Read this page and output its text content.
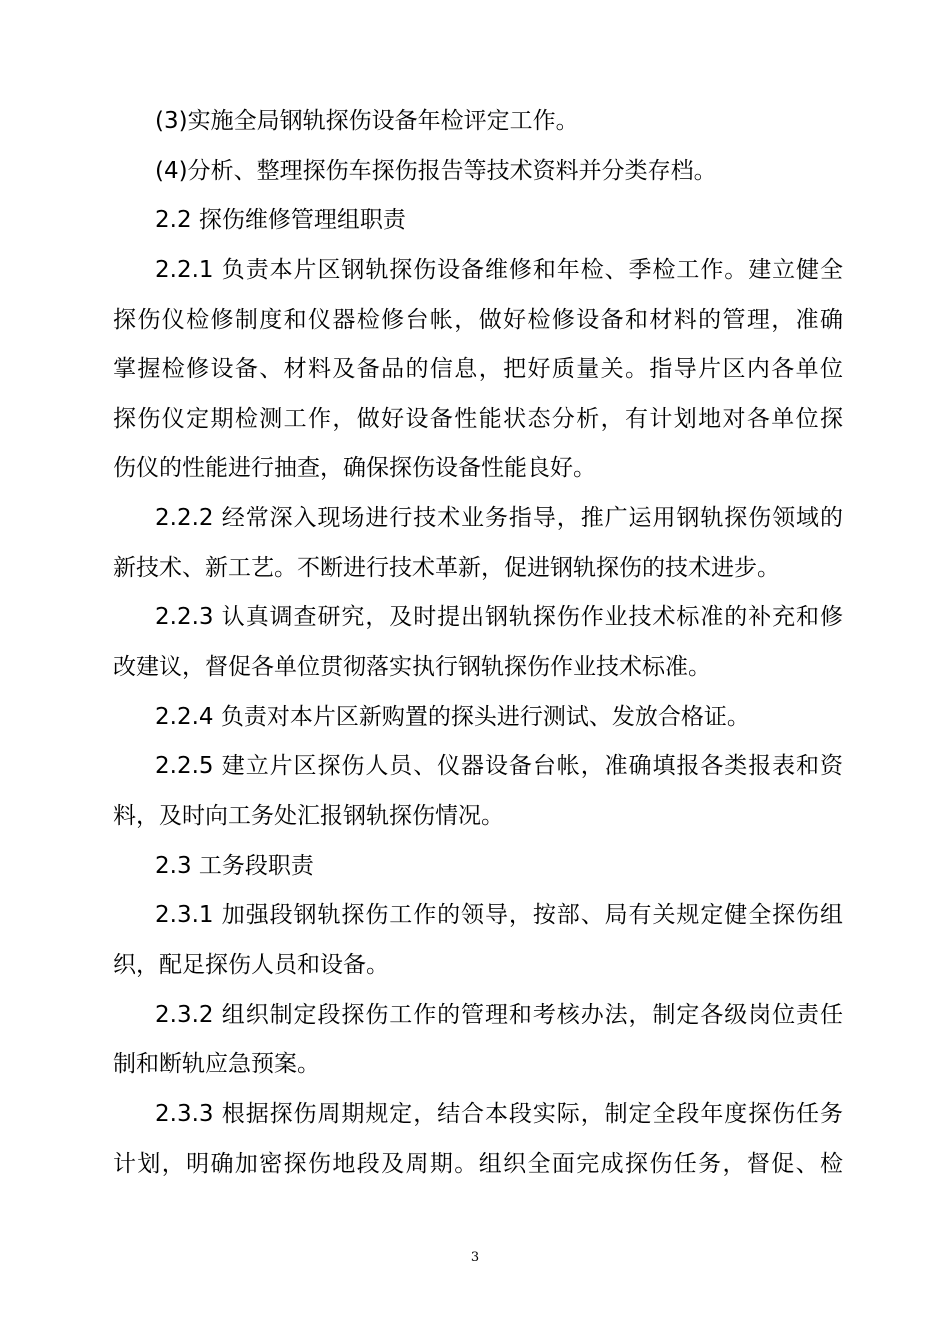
(3)实施全局钢轨探伤设备年检评定工作。
(4)分析、整理探伤车探伤报告等技术资料并分类存档。
2.2 探伤维修管理组职责
2.2.1 负责本片区钢轨探伤设备维修和年检、季检工作。建立健全
探伤仪检修制度和仪器检修台帐，做好检修设备和材料的管理，准确
掌握检修设备、材料及备品的信息，把好质量关。指导片区内各单位
探伤仪定期检测工作，做好设备性能状态分析，有计划地对各单位探
伤仪的性能进行抽查，确保探伤设备性能良好。
2.2.2 经常深入现场进行技术业务指导，推广运用钢轨探伤领域的
新技术、新工艺。不断进行技术革新，促进钢轨探伤的技术进步。
2.2.3 认真调查研究，及时提出钢轨探伤作业技术标准的补充和修
改建议，督促各单位贯彻落实执行钢轨探伤作业技术标准。
2.2.4 负责对本片区新购置的探头进行测试、发放合格证。
2.2.5 建立片区探伤人员、仪器设备台帐，准确填报各类报表和资
料，及时向工务处汇报钢轨探伤情况。
2.3 工务段职责
2.3.1 加强段钢轨探伤工作的领导，按部、局有关规定健全探伤组
织，配足探伤人员和设备。
2.3.2 组织制定段探伤工作的管理和考核办法，制定各级岗位责任
制和断轨应急预案。
2.3.3 根据探伤周期规定，结合本段实际，制定全段年度探伤任务
计划，明确加密探伤地段及周期。组织全面完成探伤任务，督促、检
3
